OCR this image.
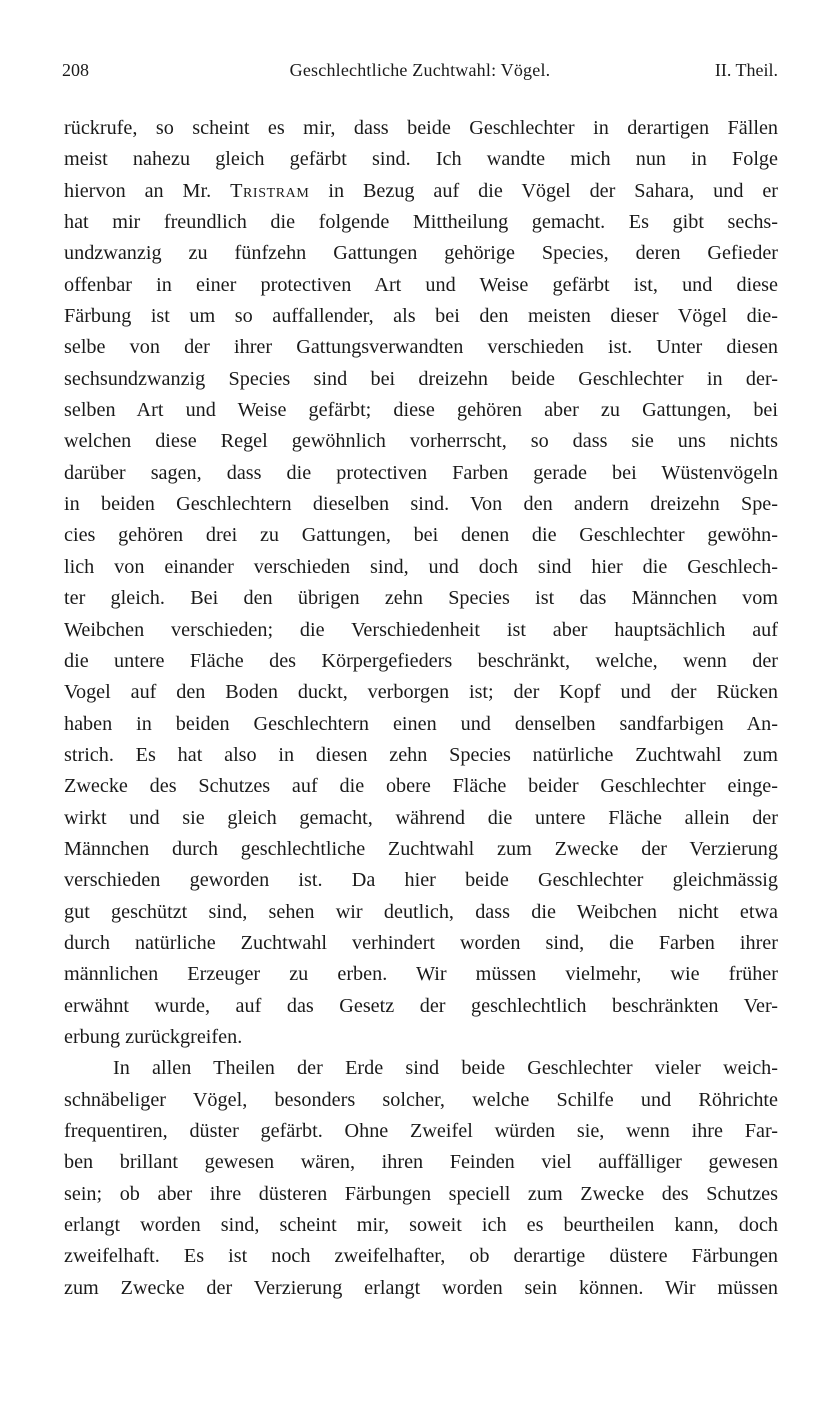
208	Geschlechtliche Zuchtwahl: Vögel.	II. Theil.
rückrufe, so scheint es mir, dass beide Geschlechter in derartigen Fällen
meist nahezu gleich gefärbt sind. Ich wandte mich nun in Folge
hiervon an Mr. Tristram in Bezug auf die Vögel der Sahara, und er
hat mir freundlich die folgende Mittheilung gemacht. Es gibt sechs-
undzwanzig zu fünfzehn Gattungen gehörige Species, deren Gefieder
offenbar in einer protectiven Art und Weise gefärbt ist, und diese
Färbung ist um so auffallender, als bei den meisten dieser Vögel die-
selbe von der ihrer Gattungsverwandten verschieden ist. Unter diesen
sechsundzwanzig Species sind bei dreizehn beide Geschlechter in der-
selben Art und Weise gefärbt; diese gehören aber zu Gattungen, bei
welchen diese Regel gewöhnlich vorherrscht, so dass sie uns nichts
darüber sagen, dass die protectiven Farben gerade bei Wüstenvögeln
in beiden Geschlechtern dieselben sind. Von den andern dreizehn Spe-
cies gehören drei zu Gattungen, bei denen die Geschlechter gewöhn-
lich von einander verschieden sind, und doch sind hier die Geschlech-
ter gleich. Bei den übrigen zehn Species ist das Männchen vom
Weibchen verschieden; die Verschiedenheit ist aber hauptsächlich auf
die untere Fläche des Körpergefieders beschränkt, welche, wenn der
Vogel auf den Boden duckt, verborgen ist; der Kopf und der Rücken
haben in beiden Geschlechtern einen und denselben sandfarbigen An-
strich. Es hat also in diesen zehn Species natürliche Zuchtwahl zum
Zwecke des Schutzes auf die obere Fläche beider Geschlechter einge-
wirkt und sie gleich gemacht, während die untere Fläche allein der
Männchen durch geschlechtliche Zuchtwahl zum Zwecke der Verzierung
verschieden geworden ist. Da hier beide Geschlechter gleichmässig
gut geschützt sind, sehen wir deutlich, dass die Weibchen nicht etwa
durch natürliche Zuchtwahl verhindert worden sind, die Farben ihrer
männlichen Erzeuger zu erben. Wir müssen vielmehr, wie früher
erwähnt wurde, auf das Gesetz der geschlechtlich beschränkten Ver-
erbung zurückgreifen.
In allen Theilen der Erde sind beide Geschlechter vieler weich-
schnäbeliger Vögel, besonders solcher, welche Schilfe und Röhrichte
frequentiren, düster gefärbt. Ohne Zweifel würden sie, wenn ihre Far-
ben brillant gewesen wären, ihren Feinden viel auffälliger gewesen
sein; ob aber ihre düsteren Färbungen speciell zum Zwecke des Schutzes
erlangt worden sind, scheint mir, soweit ich es beurtheilen kann, doch
zweifelhaft. Es ist noch zweifelhafter, ob derartige düstere Färbungen
zum Zwecke der Verzierung erlangt worden sein können. Wir müssen
